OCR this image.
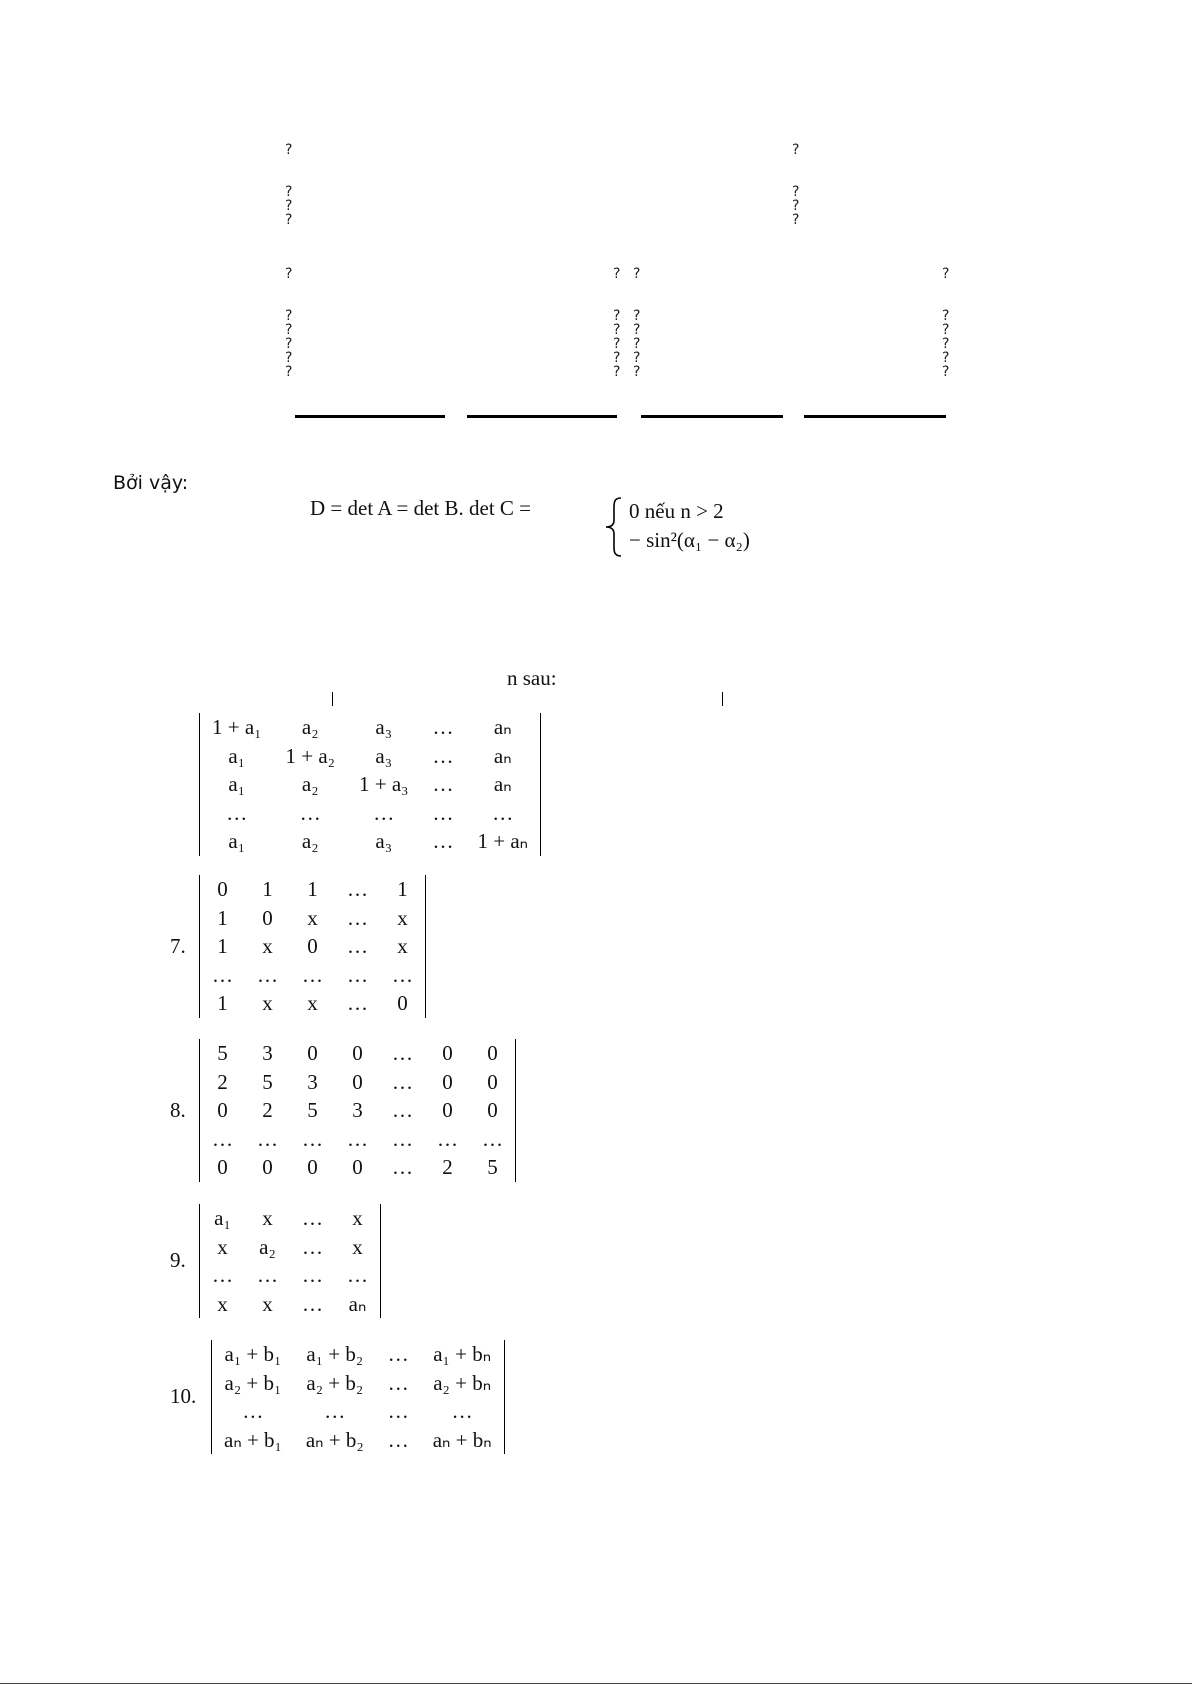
?	?
?
?
?
?
?
?
?	? ?	?
?
?
?
?
?
?
?
?
?
?
?
?
?
?
?
?
?
?
?
?
Bởi vậy:
D = det A = det B. det C =	0 nếu n > 2
− sin²(α₁ − α₂)
n sau:
1 + a₁	a₂	a₃	…	aₙ
a₁	1 + a₂	a₃	…	aₙ
a₁	a₂	1 + a₃	…	aₙ
…	…	…	…	…
a₁	a₂	a₃	…	1 + aₙ
7.
0	1	1	…	1
1	0	x	…	x
1	x	0	…	x
…	…	…	…	…
1	x	x	…	0
8.
5	3	0	0	…	0	0
2	5	3	0	…	0	0
0	2	5	3	…	0	0
…	…	…	…	…	…	…
0	0	0	0	…	2	5
9.
a₁	x	…	x
x	a₂	…	x
…	…	…	…
x	x	…	aₙ
10.
a₁ + b₁	a₁ + b₂	…	a₁ + bₙ
a₂ + b₁	a₂ + b₂	…	a₂ + bₙ
…	…	…	…
aₙ + b₁	aₙ + b₂	…	aₙ + bₙ
